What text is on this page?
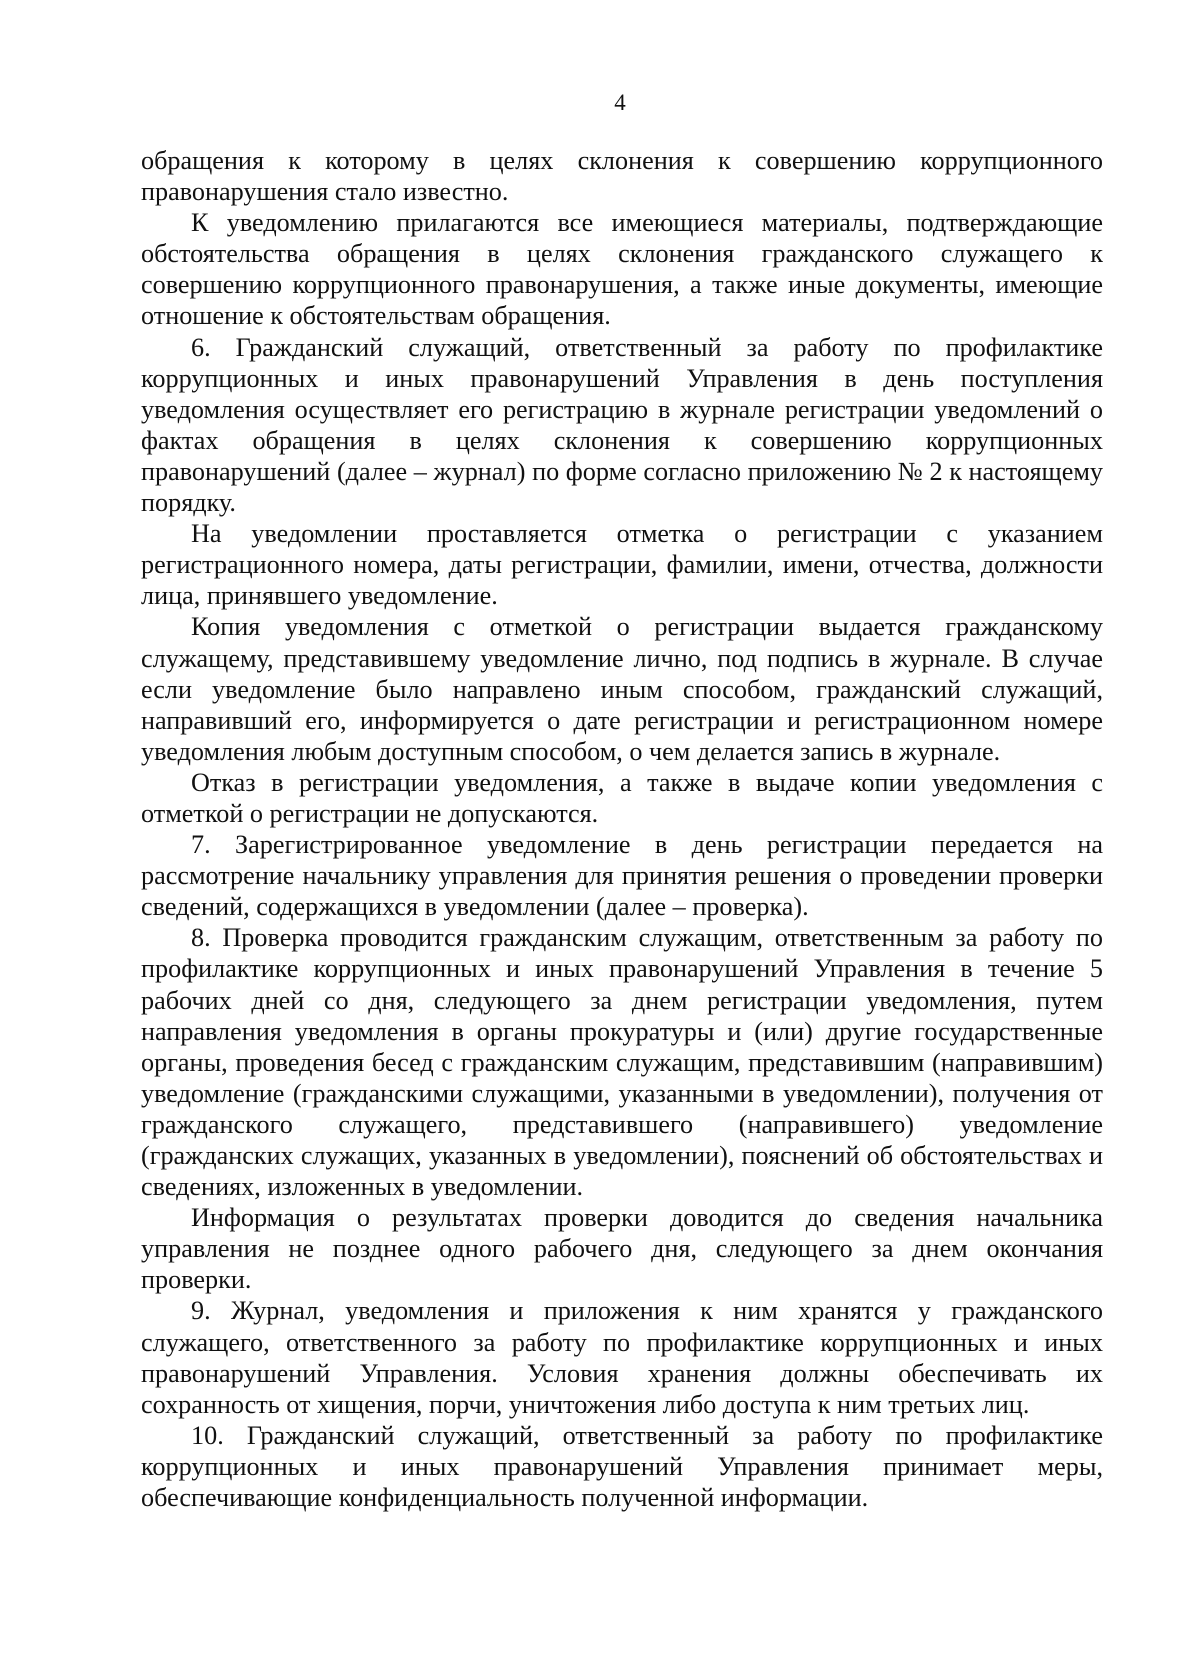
4

обращения к которому в целях склонения к совершению коррупционного правонарушения стало известно.

К уведомлению прилагаются все имеющиеся материалы, подтверждающие обстоятельства обращения в целях склонения гражданского служащего к совершению коррупционного правонарушения, а также иные документы, имеющие отношение к обстоятельствам обращения.

6. Гражданский служащий, ответственный за работу по профилактике коррупционных и иных правонарушений Управления в день поступления уведомления осуществляет его регистрацию в журнале регистрации уведомлений о фактах обращения в целях склонения к совершению коррупционных правонарушений (далее – журнал) по форме согласно приложению № 2 к настоящему порядку.

На уведомлении проставляется отметка о регистрации с указанием регистрационного номера, даты регистрации, фамилии, имени, отчества, должности лица, принявшего уведомление.

Копия уведомления с отметкой о регистрации выдается гражданскому служащему, представившему уведомление лично, под подпись в журнале. В случае если уведомление было направлено иным способом, гражданский служащий, направивший его, информируется о дате регистрации и регистрационном номере уведомления любым доступным способом, о чем делается запись в журнале.

Отказ в регистрации уведомления, а также в выдаче копии уведомления с отметкой о регистрации не допускаются.

7. Зарегистрированное уведомление в день регистрации передается на рассмотрение начальнику управления для принятия решения о проведении проверки сведений, содержащихся в уведомлении (далее – проверка).

8. Проверка проводится гражданским служащим, ответственным за работу по профилактике коррупционных и иных правонарушений Управления в течение 5 рабочих дней со дня, следующего за днем регистрации уведомления, путем направления уведомления в органы прокуратуры и (или) другие государственные органы, проведения бесед с гражданским служащим, представившим (направившим) уведомление (гражданскими служащими, указанными в уведомлении), получения от гражданского служащего, представившего (направившего) уведомление (гражданских служащих, указанных в уведомлении), пояснений об обстоятельствах и сведениях, изложенных в уведомлении.

Информация о результатах проверки доводится до сведения начальника управления не позднее одного рабочего дня, следующего за днем окончания проверки.

9. Журнал, уведомления и приложения к ним хранятся у гражданского служащего, ответственного за работу по профилактике коррупционных и иных правонарушений Управления. Условия хранения должны обеспечивать их сохранность от хищения, порчи, уничтожения либо доступа к ним третьих лиц.

10. Гражданский служащий, ответственный за работу по профилактике коррупционных и иных правонарушений Управления принимает меры, обеспечивающие конфиденциальность полученной информации.
